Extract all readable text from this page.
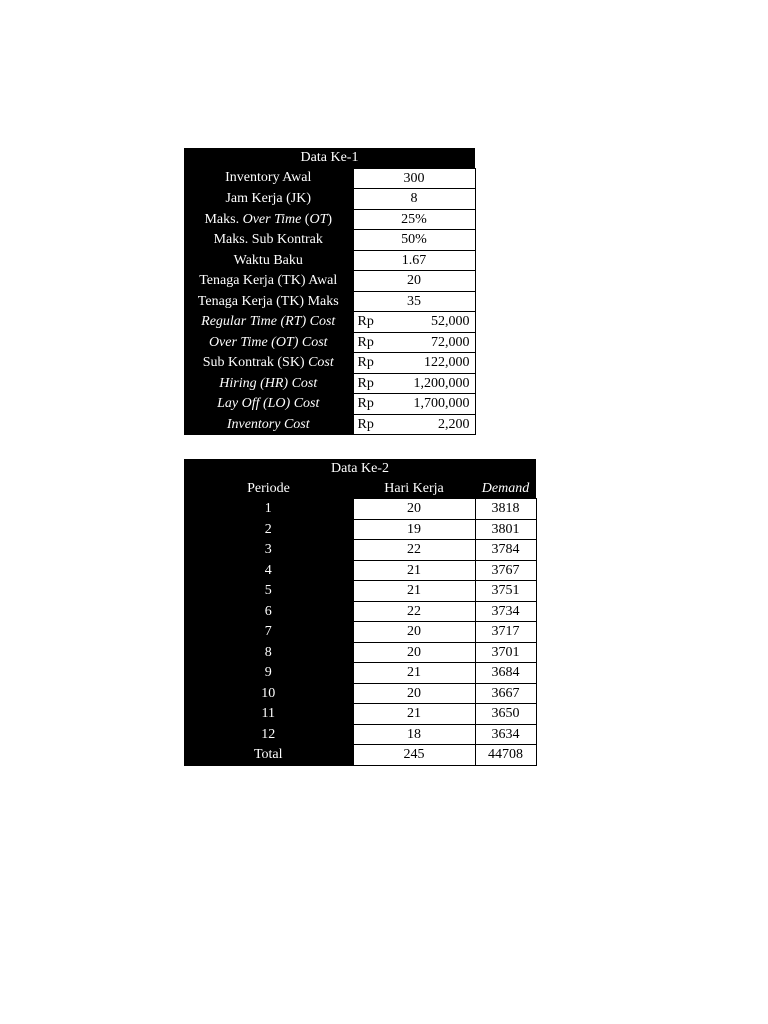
Data Ke-1		
Inventory Awal	300	
Jam Kerja (JK)	8	
Maks. Over Time (OT)	25%	
Maks. Sub Kontrak	50%	
Waktu Baku	1.67	
Tenaga Kerja (TK) Awal	20	
Tenaga Kerja (TK) Maks	35	
Regular Time (RT) Cost	Rp	52,000
Over Time (OT) Cost	Rp	72,000
Sub Kontrak (SK) Cost	Rp	122,000
Hiring (HR) Cost	Rp	1,200,000
Lay Off (LO) Cost	Rp	1,700,000
Inventory Cost	Rp	2,200
Data Ke-2		
Periode	Hari Kerja	Demand
1	20	3818
2	19	3801
3	22	3784
4	21	3767
5	21	3751
6	22	3734
7	20	3717
8	20	3701
9	21	3684
10	20	3667
11	21	3650
12	18	3634
Total	245	44708
